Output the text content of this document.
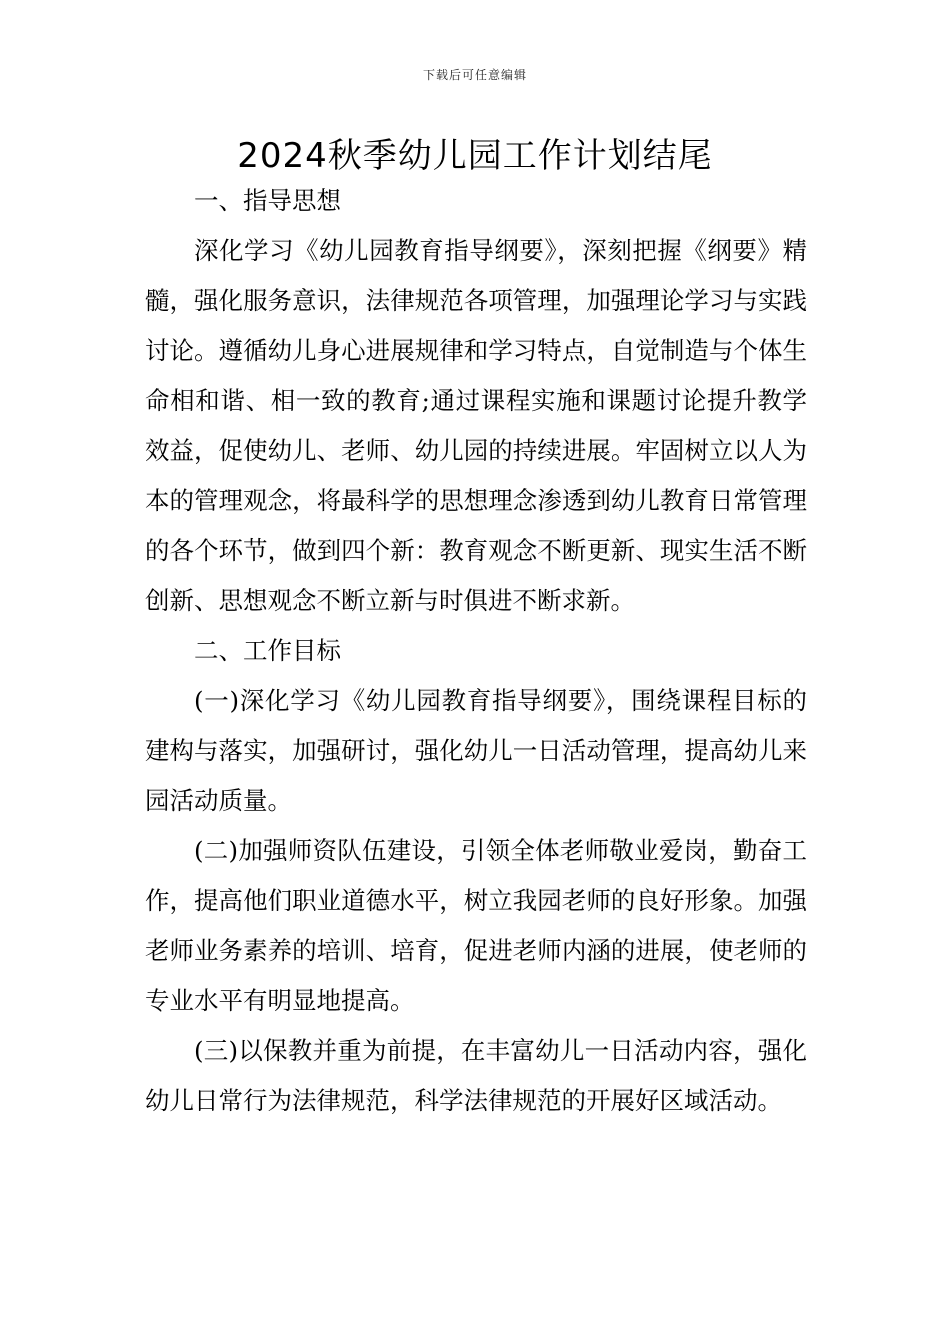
下载后可任意编辑
2024秋季幼儿园工作计划结尾

一、指导思想

深化学习《幼儿园教育指导纲要》，深刻把握《纲要》精髓，强化服务意识，法律规范各项管理，加强理论学习与实践讨论。遵循幼儿身心进展规律和学习特点，自觉制造与个体生命相和谐、相一致的教育;通过课程实施和课题讨论提升教学效益，促使幼儿、老师、幼儿园的持续进展。牢固树立以人为本的管理观念，将最科学的思想理念渗透到幼儿教育日常管理的各个环节，做到四个新：教育观念不断更新、现实生活不断创新、思想观念不断立新与时俱进不断求新。

二、工作目标

(一)深化学习《幼儿园教育指导纲要》，围绕课程目标的建构与落实，加强研讨，强化幼儿一日活动管理，提高幼儿来园活动质量。

(二)加强师资队伍建设，引领全体老师敬业爱岗，勤奋工作，提高他们职业道德水平，树立我园老师的良好形象。加强老师业务素养的培训、培育，促进老师内涵的进展，使老师的专业水平有明显地提高。

(三)以保教并重为前提，在丰富幼儿一日活动内容，强化幼儿日常行为法律规范，科学法律规范的开展好区域活动。
